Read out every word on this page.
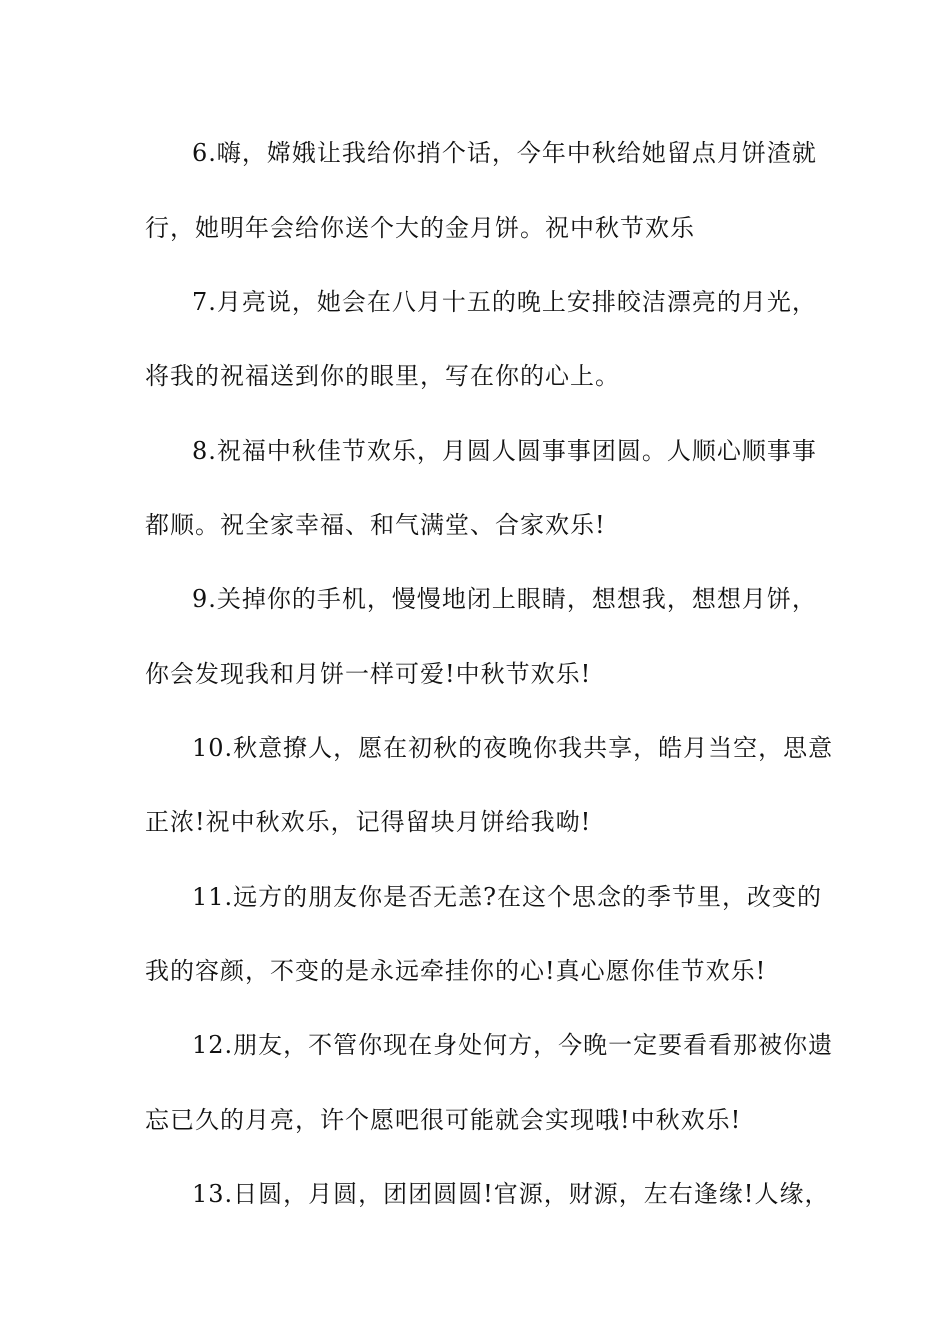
6.嗨，嫦娥让我给你捎个话，今年中秋给她留点月饼渣就
行，她明年会给你送个大的金月饼。祝中秋节欢乐
7.月亮说，她会在八月十五的晚上安排皎洁漂亮的月光，
将我的祝福送到你的眼里，写在你的心上。
8.祝福中秋佳节欢乐，月圆人圆事事团圆。人顺心顺事事
都顺。祝全家幸福、和气满堂、合家欢乐!
9.关掉你的手机，慢慢地闭上眼睛，想想我，想想月饼，
你会发现我和月饼一样可爱!中秋节欢乐!
10.秋意撩人，愿在初秋的夜晚你我共享，皓月当空，思意
正浓!祝中秋欢乐，记得留块月饼给我呦!
11.远方的朋友你是否无恙?在这个思念的季节里，改变的
我的容颜，不变的是永远牵挂你的心!真心愿你佳节欢乐!
12.朋友，不管你现在身处何方，今晚一定要看看那被你遗
忘已久的月亮，许个愿吧很可能就会实现哦!中秋欢乐!
13.日圆，月圆，团团圆圆!官源，财源，左右逢缘!人缘，
